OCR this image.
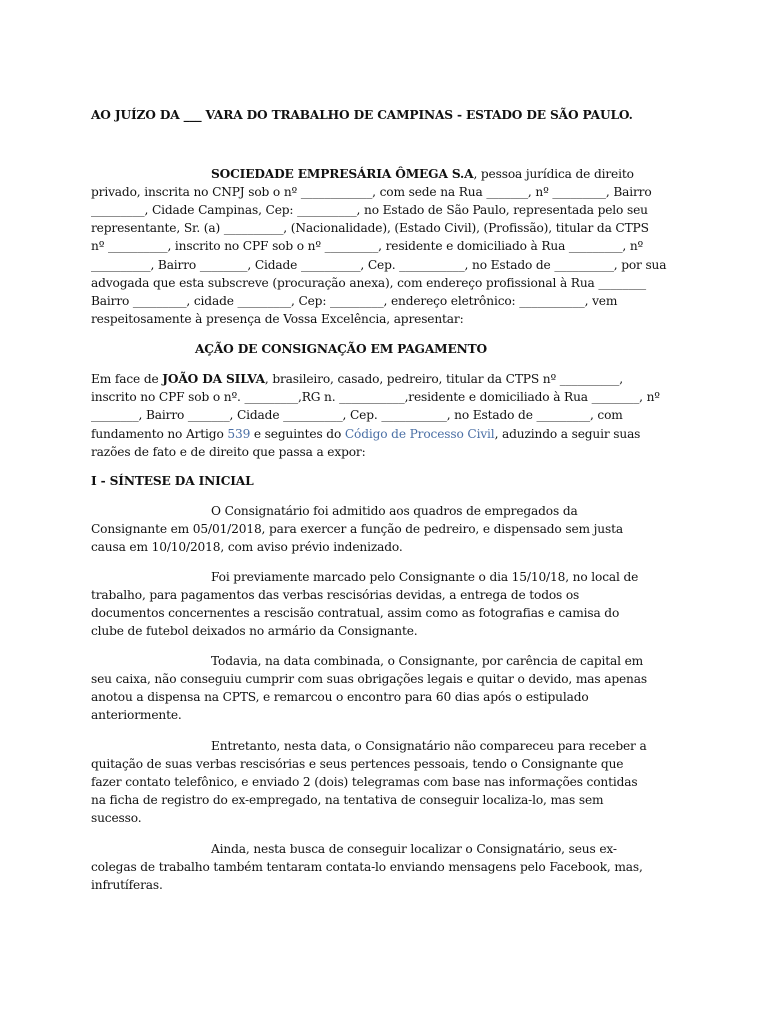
AO JUÍZO DA ___ VARA DO TRABALHO DE CAMPINAS - ESTADO DE SÃO PAULO.
SOCIEDADE EMPRESÁRIA ÔMEGA S.A, pessoa jurídica de direito
privado, inscrita no CNPJ sob o nº ____________, com sede na Rua _______, nº _________, Bairro
_________, Cidade Campinas, Cep: __________, no Estado de São Paulo, representada pelo seu
representante, Sr. (a) __________, (Nacionalidade), (Estado Civil), (Profissão), titular da CTPS
nº __________, inscrito no CPF sob o nº _________, residente e domiciliado à Rua _________, nº
__________, Bairro ________, Cidade __________, Cep. ___________, no Estado de __________, por sua
advogada que esta subscreve (procuração anexa), com endereço profissional à Rua ________
Bairro _________, cidade _________, Cep: _________, endereço eletrônico: ___________, vem
respeitosamente à presença de Vossa Excelência, apresentar:
AÇÃO DE CONSIGNAÇÃO EM PAGAMENTO
Em face de JOÃO DA SILVA, brasileiro, casado, pedreiro, titular da CTPS nº __________,
inscrito no CPF sob o nº. _________,RG n. ___________,residente e domiciliado à Rua ________, nº
________, Bairro _______, Cidade __________, Cep. ___________, no Estado de _________, com
fundamento no Artigo 539 e seguintes do Código de Processo Civil, aduzindo a seguir suas
razões de fato e de direito que passa a expor:
I - SÍNTESE DA INICIAL
O Consignatário foi admitido aos quadros de empregados da
Consignante em 05/01/2018, para exercer a função de pedreiro, e dispensado sem justa
causa em 10/10/2018, com aviso prévio indenizado.
Foi previamente marcado pelo Consignante o dia 15/10/18, no local de
trabalho, para pagamentos das verbas rescisórias devidas, a entrega de todos os
documentos concernentes a rescisão contratual, assim como as fotografias e camisa do
clube de futebol deixados no armário da Consignante.
Todavia, na data combinada, o Consignante, por carência de capital em
seu caixa, não conseguiu cumprir com suas obrigações legais e quitar o devido, mas apenas
anotou a dispensa na CPTS, e remarcou o encontro para 60 dias após o estipulado
anteriormente.
Entretanto, nesta data, o Consignatário não compareceu para receber a
quitação de suas verbas rescisórias e seus pertences pessoais, tendo o Consignante que
fazer contato telefônico, e enviado 2 (dois) telegramas com base nas informações contidas
na ficha de registro do ex-empregado, na tentativa de conseguir localiza-lo, mas sem
sucesso.
Ainda, nesta busca de conseguir localizar o Consignatário, seus ex-
colegas de trabalho também tentaram contata-lo enviando mensagens pelo Facebook, mas,
infrutíferas.
